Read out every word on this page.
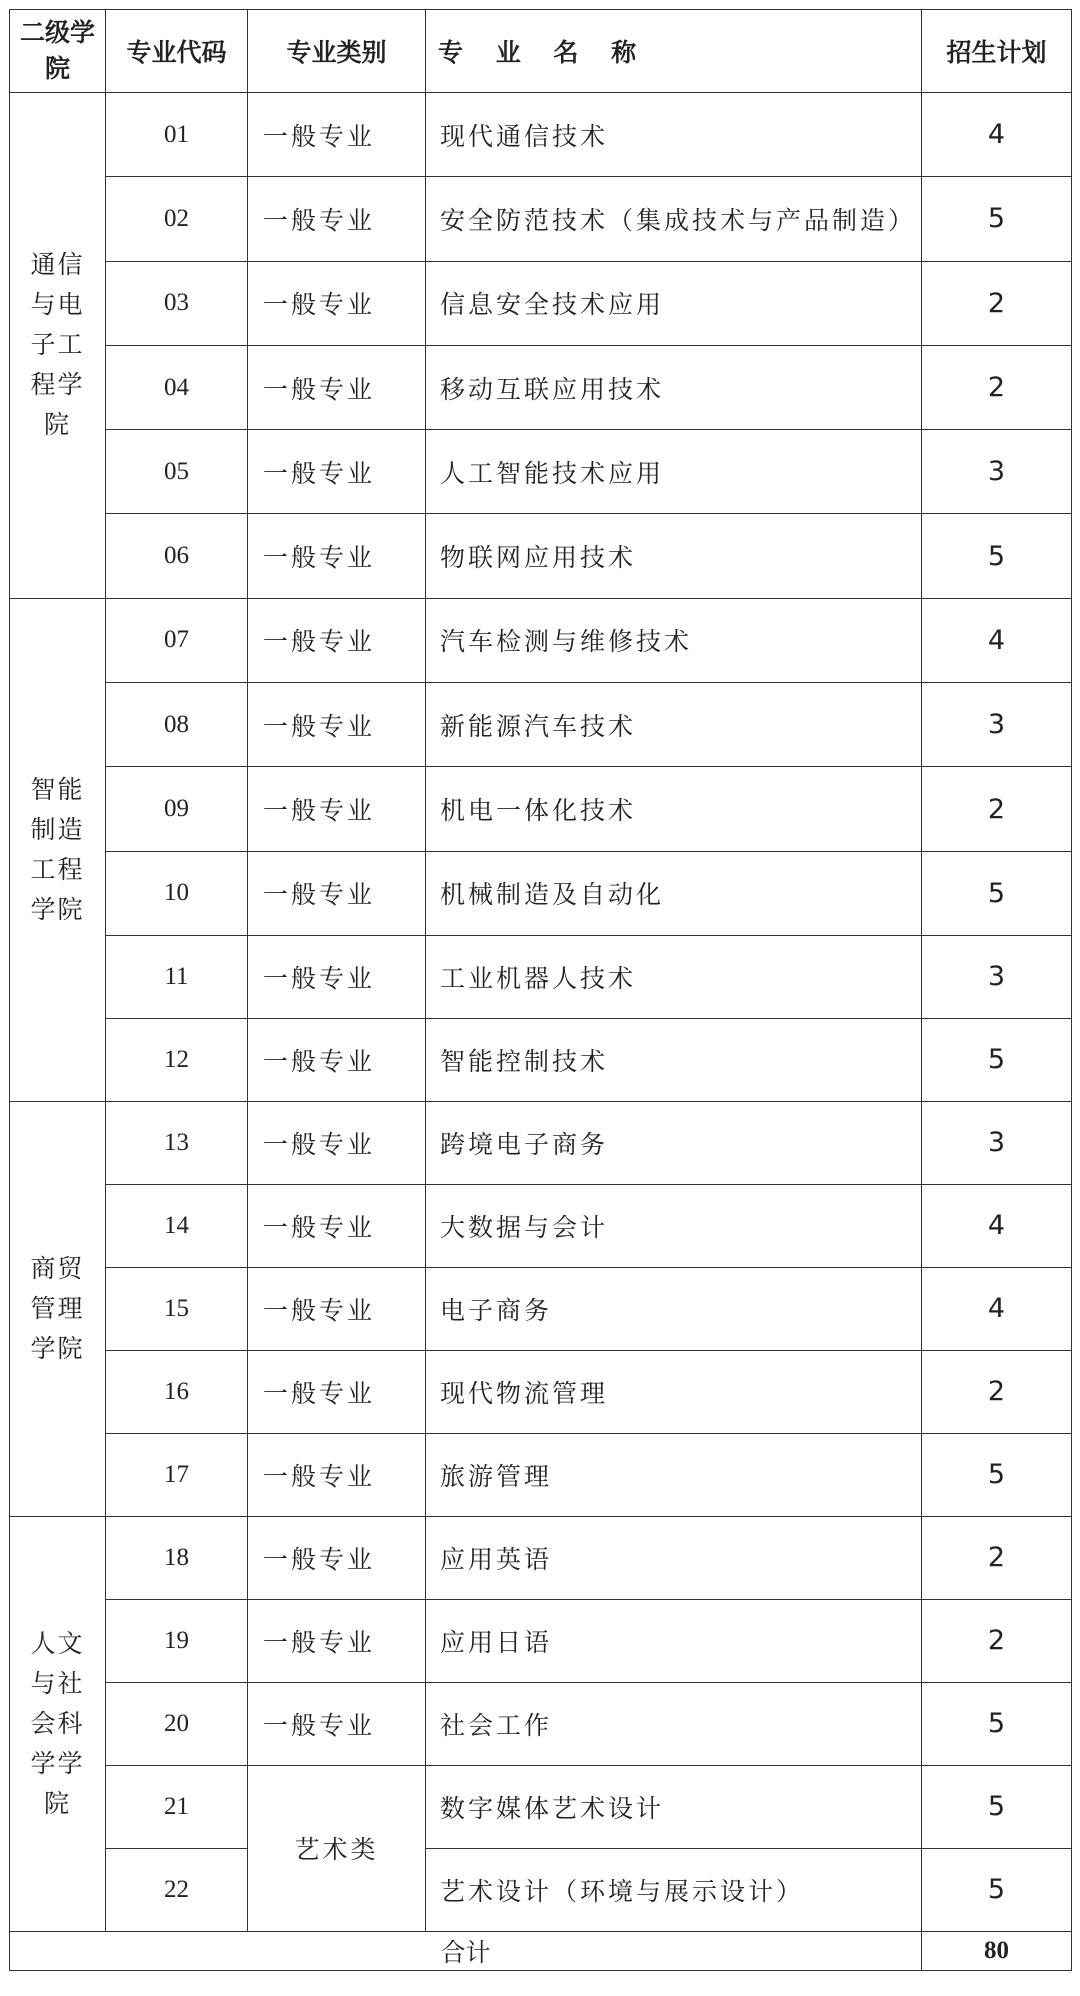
二级学院	专业代码	专业类别	专 业 名 称	招生计划
通信与电子工程学院	01	一般专业	现代通信技术	4
	02	一般专业	安全防范技术（集成技术与产品制造）	5
	03	一般专业	信息安全技术应用	2
	04	一般专业	移动互联应用技术	2
	05	一般专业	人工智能技术应用	3
	06	一般专业	物联网应用技术	5
智能制造工程学院	07	一般专业	汽车检测与维修技术	4
	08	一般专业	新能源汽车技术	3
	09	一般专业	机电一体化技术	2
	10	一般专业	机械制造及自动化	5
	11	一般专业	工业机器人技术	3
	12	一般专业	智能控制技术	5
商贸管理学院	13	一般专业	跨境电子商务	3
	14	一般专业	大数据与会计	4
	15	一般专业	电子商务	4
	16	一般专业	现代物流管理	2
	17	一般专业	旅游管理	5
人文与社会科学学院	18	一般专业	应用英语	2
	19	一般专业	应用日语	2
	20	一般专业	社会工作	5
	21	艺术类	数字媒体艺术设计	5
	22		艺术设计（环境与展示设计）	5
合计				80
